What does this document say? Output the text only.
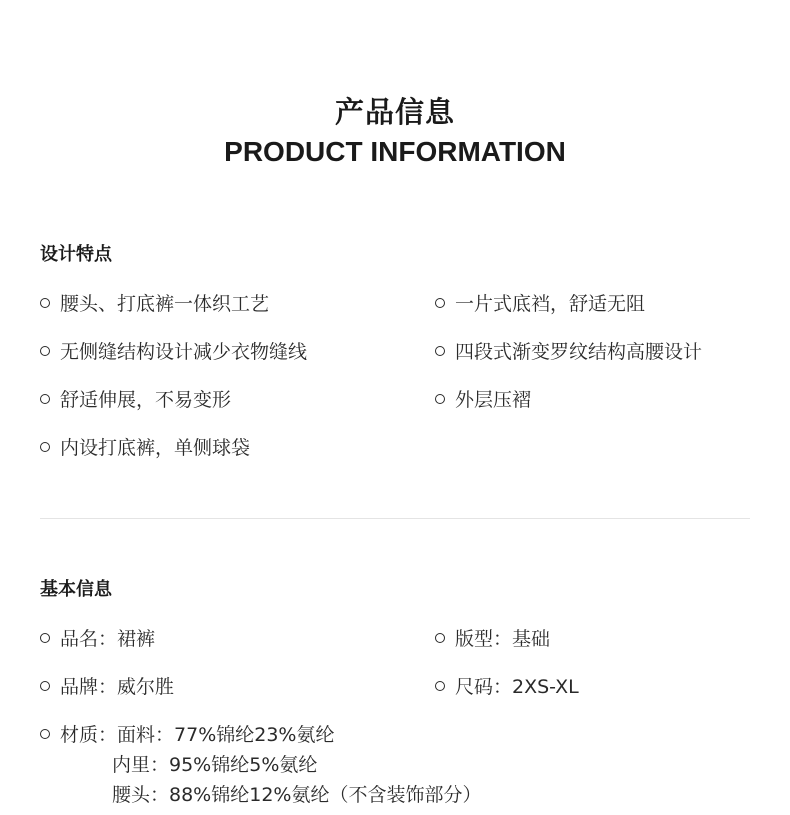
产品信息
PRODUCT INFORMATION
设计特点
腰头、打底裤一体织工艺	一片式底裆，舒适无阻
无侧缝结构设计减少衣物缝线	四段式渐变罗纹结构高腰设计
舒适伸展，不易变形	外层压褶
内设打底裤，单侧球袋
基本信息
品名：裙裤	版型：基础
品牌：威尔胜	尺码：2XS-XL
材质：面料：77%锦纶23%氨纶
内里：95%锦纶5%氨纶
腰头：88%锦纶12%氨纶（不含装饰部分）
